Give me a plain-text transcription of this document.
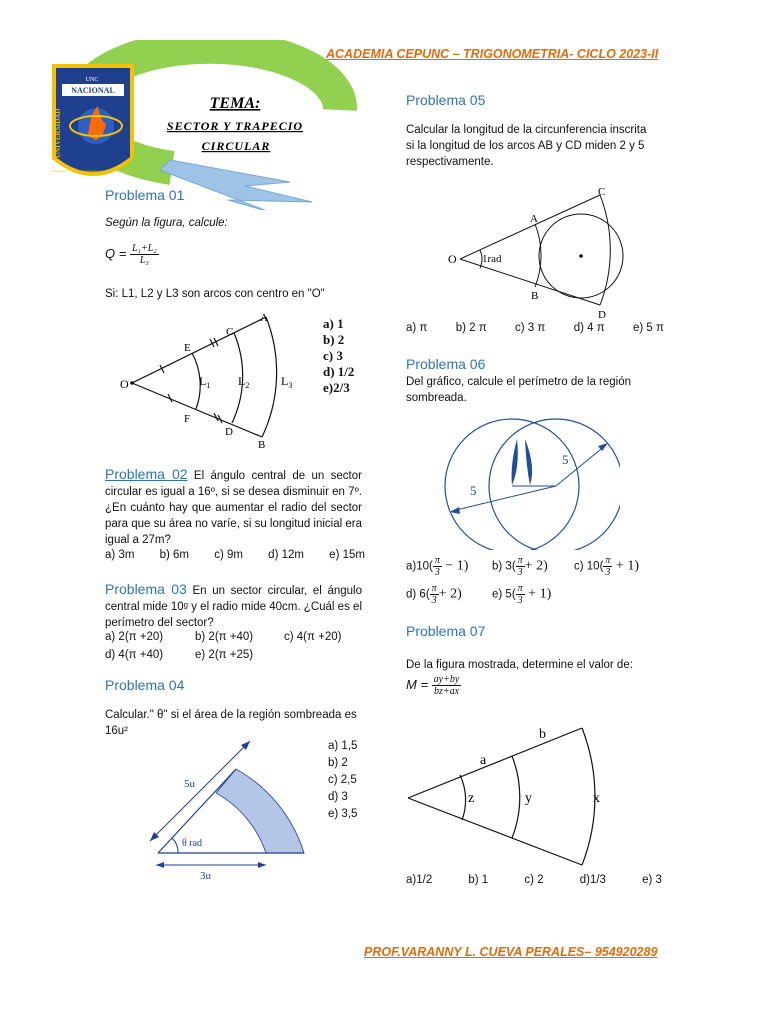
ACADEMIA CEPUNC – TRIGONOMETRIA- CICLO 2023-II
UNC
NACIONAL
UNIVERSIDAD
Cajamarca la lógica la tecnología y la defensa de la ecología
TEMA:
SECTOR Y TRAPECIO
CIRCULAR
Problema 01
Según la figura, calcule:
$Q = \frac{\text{L₁+L₂}}{\text{L₃}}$
Si: L1, L2 y L3 son arcos con centro en "O"
O
E
C
A
F
D
B
$L_1$ $L_2$	$L_3$
a) 1
b) 2
c) 3
d) 1/2
e)2/3
Problema 02 El ángulo central de un sector circular es igual a 16º, si se desea disminuir en 7º. ¿En cuánto hay que aumentar el radio del sector para que su área no varíe, si su longitud inicial era igual a 27m?
a) 3m b) 6m c) 9m d) 12m e) 15m
Problema 03 En un sector circular, el ángulo central mide 10ᵍ y el radio mide 40cm. ¿Cuál es el perímetro del sector?
a) 2(π +20)	b) 2(π +40)	c) 4(π +20)
d) 4(π +40)	e) 2(π +25)
Problema 04
Calcular." θ" si el área de la región sombreada es 16u²
5u
3u
θ rad
a) 1,5
b) 2
c) 2,5
d) 3
e) 3,5
Problema 05
Calcular la longitud de la circunferencia inscrita si la longitud de los arcos AB y CD miden 2 y 5 respectivamente.
O 1rad
A
B
C
D
a) π b) 2 π c) 3 π d) 4 π e) 5 π
Problema 06
Del gráfico, calcule el perímetro de la región sombreada.
5
5
$a)10( \frac{\pi}{3} - 1)$ b) $3( \frac{\pi}{3} + 2)$ c) $10( \frac{\pi}{3} + 1)$
d) $6( \frac{\pi}{3} + 2)$	e) $5( \frac{\pi}{3} + 1)$
Problema 07
De la figura mostrada, determine el valor de:
$M = \frac{ay+by}{bz+ax}$
a
b
z	y	x
a)1/2	b) 1	c) 2	d)1/3	e) 3
PROF.VARANNY L. CUEVA PERALES– 954920289
